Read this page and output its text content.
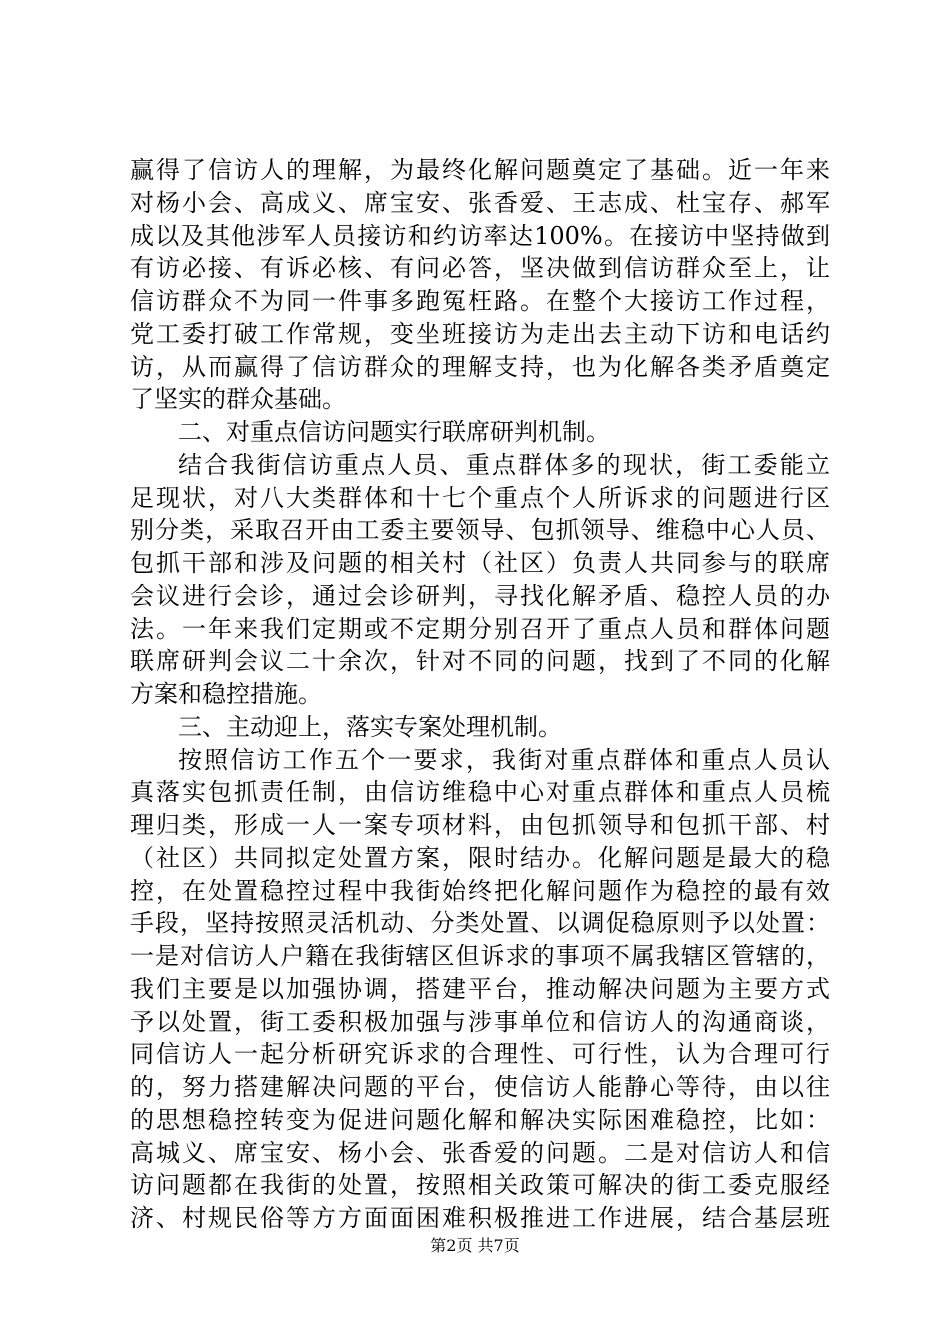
赢得了信访人的理解，为最终化解问题奠定了基础。近一年来
对杨小会、高成义、席宝安、张香爱、王志成、杜宝存、郝军
成以及其他涉军人员接访和约访率达100%。在接访中坚持做到
有访必接、有诉必核、有问必答，坚决做到信访群众至上，让
信访群众不为同一件事多跑冤枉路。在整个大接访工作过程，
党工委打破工作常规，变坐班接访为走出去主动下访和电话约
访，从而赢得了信访群众的理解支持，也为化解各类矛盾奠定
了坚实的群众基础。
二、对重点信访问题实行联席研判机制。
结合我街信访重点人员、重点群体多的现状，街工委能立
足现状，对八大类群体和十七个重点个人所诉求的问题进行区
别分类，采取召开由工委主要领导、包抓领导、维稳中心人员、
包抓干部和涉及问题的相关村（社区）负责人共同参与的联席
会议进行会诊，通过会诊研判，寻找化解矛盾、稳控人员的办
法。一年来我们定期或不定期分别召开了重点人员和群体问题
联席研判会议二十余次，针对不同的问题，找到了不同的化解
方案和稳控措施。
三、主动迎上，落实专案处理机制。
按照信访工作五个一要求，我街对重点群体和重点人员认
真落实包抓责任制，由信访维稳中心对重点群体和重点人员梳
理归类，形成一人一案专项材料，由包抓领导和包抓干部、村
（社区）共同拟定处置方案，限时结办。化解问题是最大的稳
控，在处置稳控过程中我街始终把化解问题作为稳控的最有效
手段，坚持按照灵活机动、分类处置、以调促稳原则予以处置：
一是对信访人户籍在我街辖区但诉求的事项不属我辖区管辖的，
我们主要是以加强协调，搭建平台，推动解决问题为主要方式
予以处置，街工委积极加强与涉事单位和信访人的沟通商谈，
同信访人一起分析研究诉求的合理性、可行性，认为合理可行
的，努力搭建解决问题的平台，使信访人能静心等待，由以往
的思想稳控转变为促进问题化解和解决实际困难稳控，比如：
高城义、席宝安、杨小会、张香爱的问题。二是对信访人和信
访问题都在我街的处置，按照相关政策可解决的街工委克服经
济、村规民俗等方方面面困难积极推进工作进展，结合基层班
第2页 共7页
